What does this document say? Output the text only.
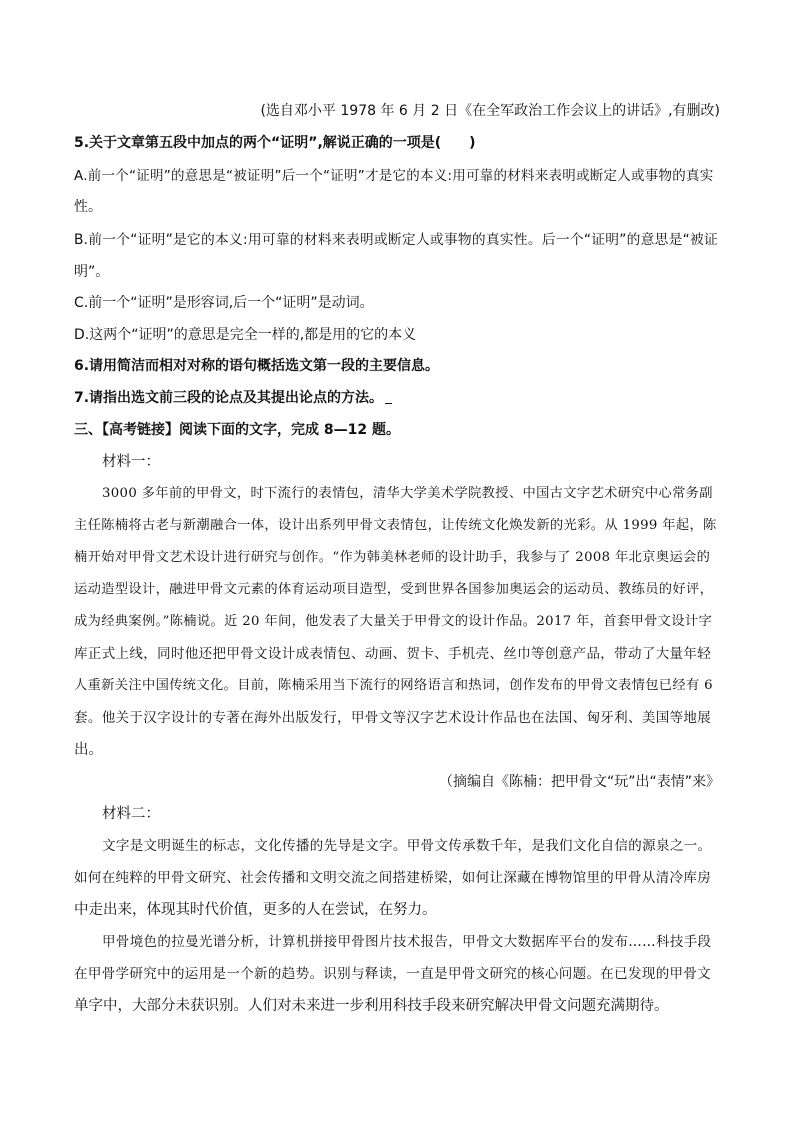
(选自邓小平 1978 年 6 月 2 日《在全军政治工作会议上的讲话》,有删改)
5.关于文章第五段中加点的两个“证明”,解说正确的一项是(　　)
A.前一个“证明”的意思是“被证明”后一个“证明”才是它的本义:用可靠的材料来表明或断定人或事物的真实
性。
B.前一个“证明”是它的本义:用可靠的材料来表明或断定人或事物的真实性。后一个“证明”的意思是“被证
明”。
C.前一个“证明”是形容词,后一个“证明”是动词。
D.这两个“证明”的意思是完全一样的,都是用的它的本义
6.请用简洁而相对对称的语句概括选文第一段的主要信息。
7.请指出选文前三段的论点及其提出论点的方法。
三、【高考链接】阅读下面的文字，完成 8—12 题。
材料一：
3000 多年前的甲骨文，时下流行的表情包，清华大学美术学院教授、中国古文字艺术研究中心常务副
主任陈楠将古老与新潮融合一体，设计出系列甲骨文表情包，让传统文化焕发新的光彩。从 1999 年起，陈
楠开始对甲骨文艺术设计进行研究与创作。“作为韩美林老师的设计助手，我参与了 2008 年北京奥运会的
运动造型设计，融进甲骨文元素的体育运动项目造型，受到世界各国参加奥运会的运动员、教练员的好评，
成为经典案例。”陈楠说。近 20 年间，他发表了大量关于甲骨文的设计作品。2017 年，首套甲骨文设计字
库正式上线，同时他还把甲骨文设计成表情包、动画、贺卡、手机壳、丝巾等创意产品，带动了大量年轻
人重新关注中国传统文化。目前，陈楠采用当下流行的网络语言和热词，创作发布的甲骨文表情包已经有 6
套。他关于汉字设计的专著在海外出版发行，甲骨文等汉字艺术设计作品也在法国、匈牙利、美国等地展
出。
（摘编自《陈楠：把甲骨文“玩”出“表情”来》
材料二：
文字是文明诞生的标志，文化传播的先导是文字。甲骨文传承数千年，是我们文化自信的源泉之一。
如何在纯粹的甲骨文研究、社会传播和文明交流之间搭建桥梁，如何让深藏在博物馆里的甲骨从清冷库房
中走出来，体现其时代价值，更多的人在尝试，在努力。
甲骨境色的拉曼光谱分析，计算机拼接甲骨图片技术报告，甲骨文大数据库平台的发布……科技手段
在甲骨学研究中的运用是一个新的趋势。识别与释读，一直是甲骨文研究的核心问题。在已发现的甲骨文
单字中，大部分未获识别。人们对未来进一步利用科技手段来研究解决甲骨文问题充满期待。
